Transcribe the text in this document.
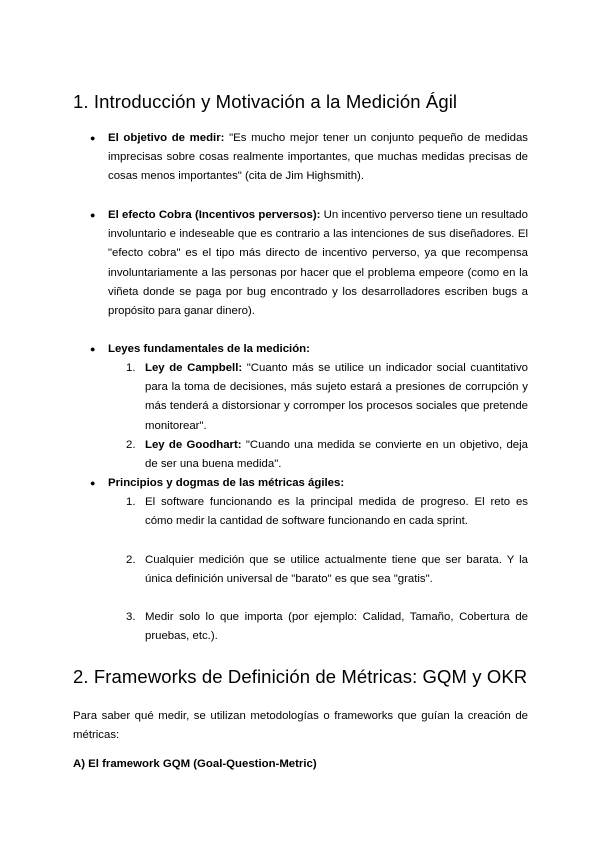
1. Introducción y Motivación a la Medición Ágil
● El objetivo de medir: "Es mucho mejor tener un conjunto pequeño de medidas imprecisas sobre cosas realmente importantes, que muchas medidas precisas de cosas menos importantes" (cita de Jim Highsmith).

● El efecto Cobra (Incentivos perversos): Un incentivo perverso tiene un resultado involuntario e indeseable que es contrario a las intenciones de sus diseñadores. El "efecto cobra" es el tipo más directo de incentivo perverso, ya que recompensa involuntariamente a las personas por hacer que el problema empeore (como en la viñeta donde se paga por bug encontrado y los desarrolladores escriben bugs a propósito para ganar dinero).

● Leyes fundamentales de la medición:

1. Ley de Campbell: "Cuanto más se utilice un indicador social cuantitativo para la toma de decisiones, más sujeto estará a presiones de corrupción y más tenderá a distorsionar y corromper los procesos sociales que pretende monitorear".

2. Ley de Goodhart: "Cuando una medida se convierte en un objetivo, deja de ser una buena medida".

● Principios y dogmas de las métricas ágiles:

1. El software funcionando es la principal medida de progreso. El reto es cómo medir la cantidad de software funcionando en cada sprint.

2. Cualquier medición que se utilice actualmente tiene que ser barata. Y la única definición universal de "barato" es que sea "gratis".

3. Medir solo lo que importa (por ejemplo: Calidad, Tamaño, Cobertura de pruebas, etc.).

2. Frameworks de Definición de Métricas: GQM y OKR

Para saber qué medir, se utilizan metodologías o frameworks que guían la creación de métricas:

A) El framework GQM (Goal-Question-Metric)
